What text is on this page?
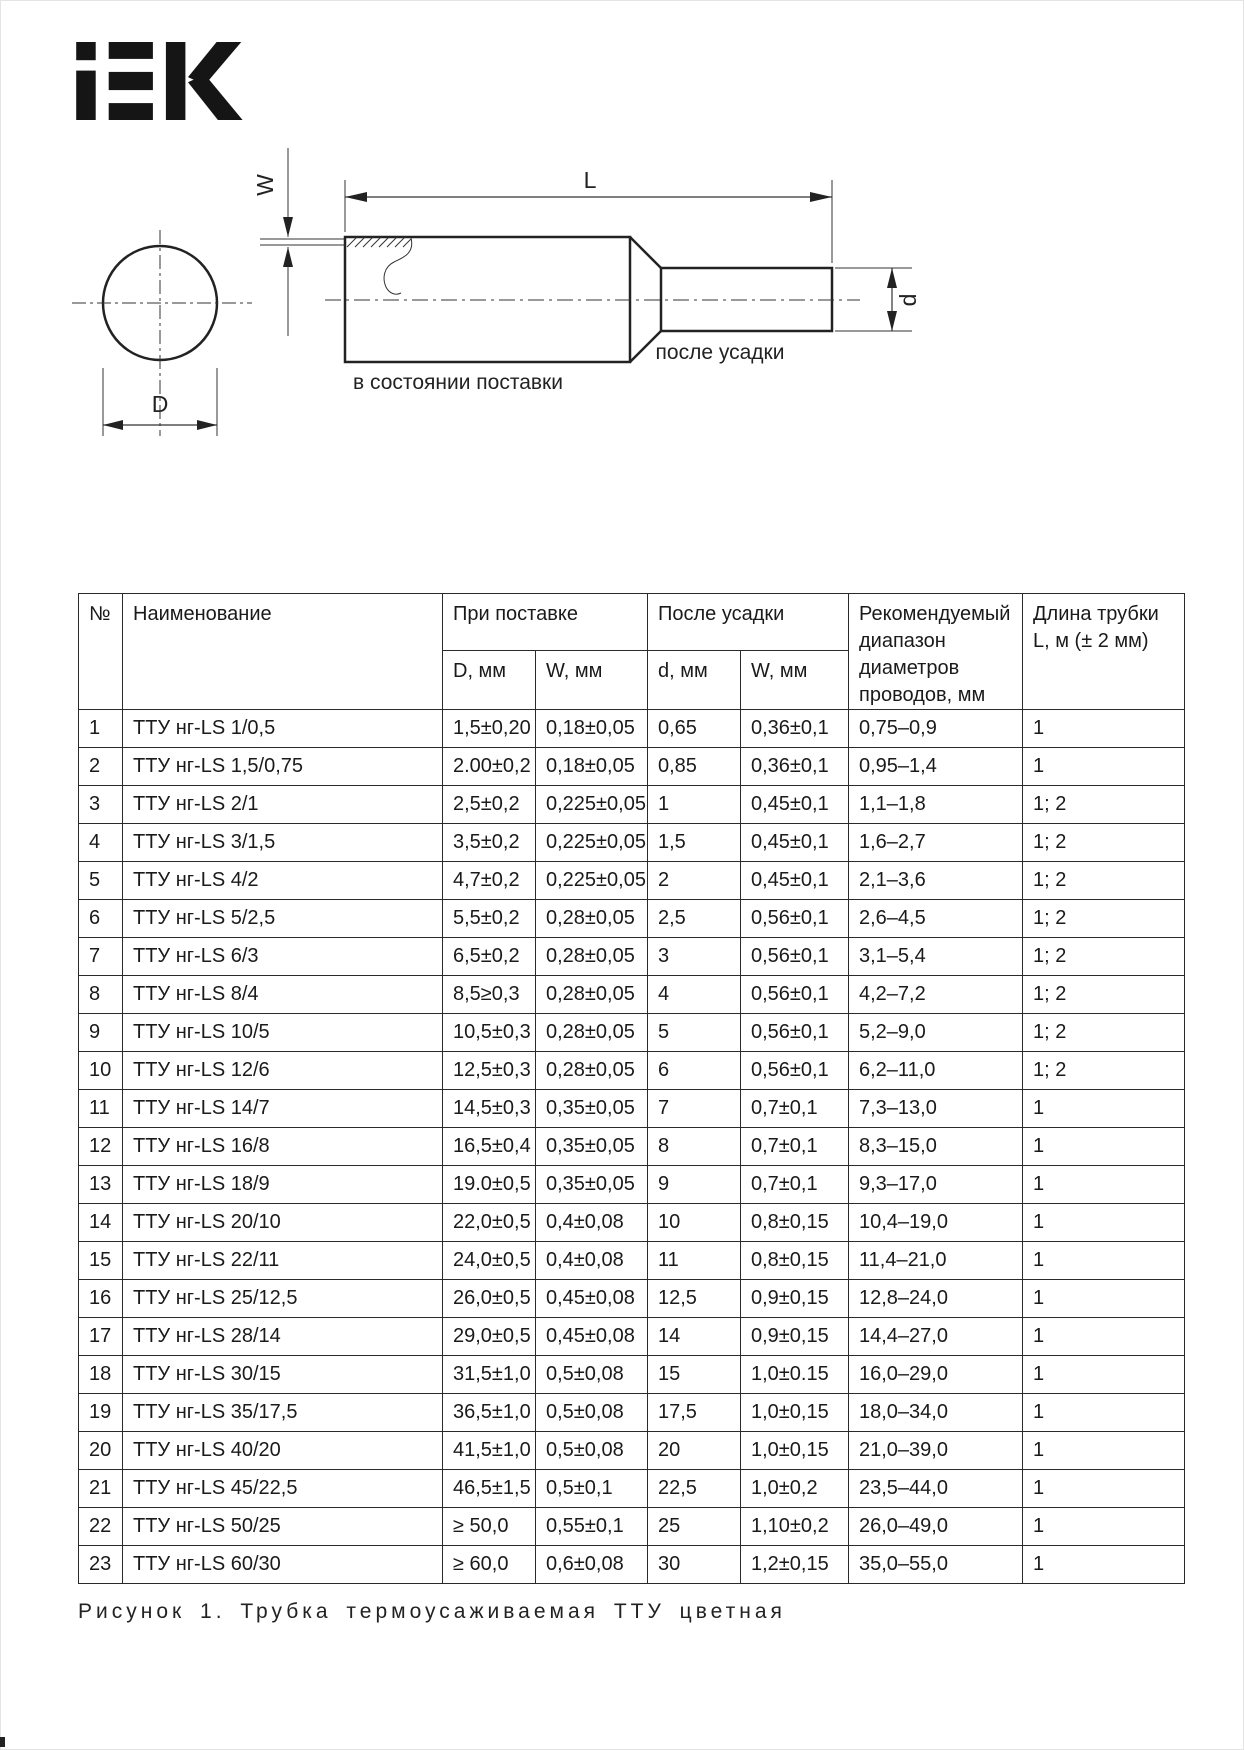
D
W	L
d
в состоянии поставки
после усадки
№	Наименование	При поставке		После усадки		Рекомендуемый диапазон диаметров проводов, мм	Длина трубки L, м (± 2 мм)
		D, мм	W, мм	d, мм	W, мм		
1	ТТУ нг-LS 1/0,5	1,5±0,20	0,18±0,05	0,65	0,36±0,1	0,75–0,9	1
2	ТТУ нг-LS 1,5/0,75	2.00±0,2	0,18±0,05	0,85	0,36±0,1	0,95–1,4	1
3	ТТУ нг-LS 2/1	2,5±0,2	0,225±0,05	1	0,45±0,1	1,1–1,8	1; 2
4	ТТУ нг-LS 3/1,5	3,5±0,2	0,225±0,05	1,5	0,45±0,1	1,6–2,7	1; 2
5	ТТУ нг-LS 4/2	4,7±0,2	0,225±0,05	2	0,45±0,1	2,1–3,6	1; 2
6	ТТУ нг-LS 5/2,5	5,5±0,2	0,28±0,05	2,5	0,56±0,1	2,6–4,5	1; 2
7	ТТУ нг-LS 6/3	6,5±0,2	0,28±0,05	3	0,56±0,1	3,1–5,4	1; 2
8	ТТУ нг-LS 8/4	8,5≥0,3	0,28±0,05	4	0,56±0,1	4,2–7,2	1; 2
9	ТТУ нг-LS 10/5	10,5±0,3	0,28±0,05	5	0,56±0,1	5,2–9,0	1; 2
10	ТТУ нг-LS 12/6	12,5±0,3	0,28±0,05	6	0,56±0,1	6,2–11,0	1; 2
11	ТТУ нг-LS 14/7	14,5±0,3	0,35±0,05	7	0,7±0,1	7,3–13,0	1
12	ТТУ нг-LS 16/8	16,5±0,4	0,35±0,05	8	0,7±0,1	8,3–15,0	1
13	ТТУ нг-LS 18/9	19.0±0,5	0,35±0,05	9	0,7±0,1	9,3–17,0	1
14	ТТУ нг-LS 20/10	22,0±0,5	0,4±0,08	10	0,8±0,15	10,4–19,0	1
15	ТТУ нг-LS 22/11	24,0±0,5	0,4±0,08	11	0,8±0,15	11,4–21,0	1
16	ТТУ нг-LS 25/12,5	26,0±0,5	0,45±0,08	12,5	0,9±0,15	12,8–24,0	1
17	ТТУ нг-LS 28/14	29,0±0,5	0,45±0,08	14	0,9±0,15	14,4–27,0	1
18	ТТУ нг-LS 30/15	31,5±1,0	0,5±0,08	15	1,0±0.15	16,0–29,0	1
19	ТТУ нг-LS 35/17,5	36,5±1,0	0,5±0,08	17,5	1,0±0,15	18,0–34,0	1
20	ТТУ нг-LS 40/20	41,5±1,0	0,5±0,08	20	1,0±0,15	21,0–39,0	1
21	ТТУ нг-LS 45/22,5	46,5±1,5	0,5±0,1	22,5	1,0±0,2	23,5–44,0	1
22	ТТУ нг-LS 50/25	≥ 50,0	0,55±0,1	25	1,10±0,2	26,0–49,0	1
23	ТТУ нг-LS 60/30	≥ 60,0	0,6±0,08	30	1,2±0,15	35,0–55,0	1
Рисунок 1. Трубка термоусаживаемая ТТУ цветная
